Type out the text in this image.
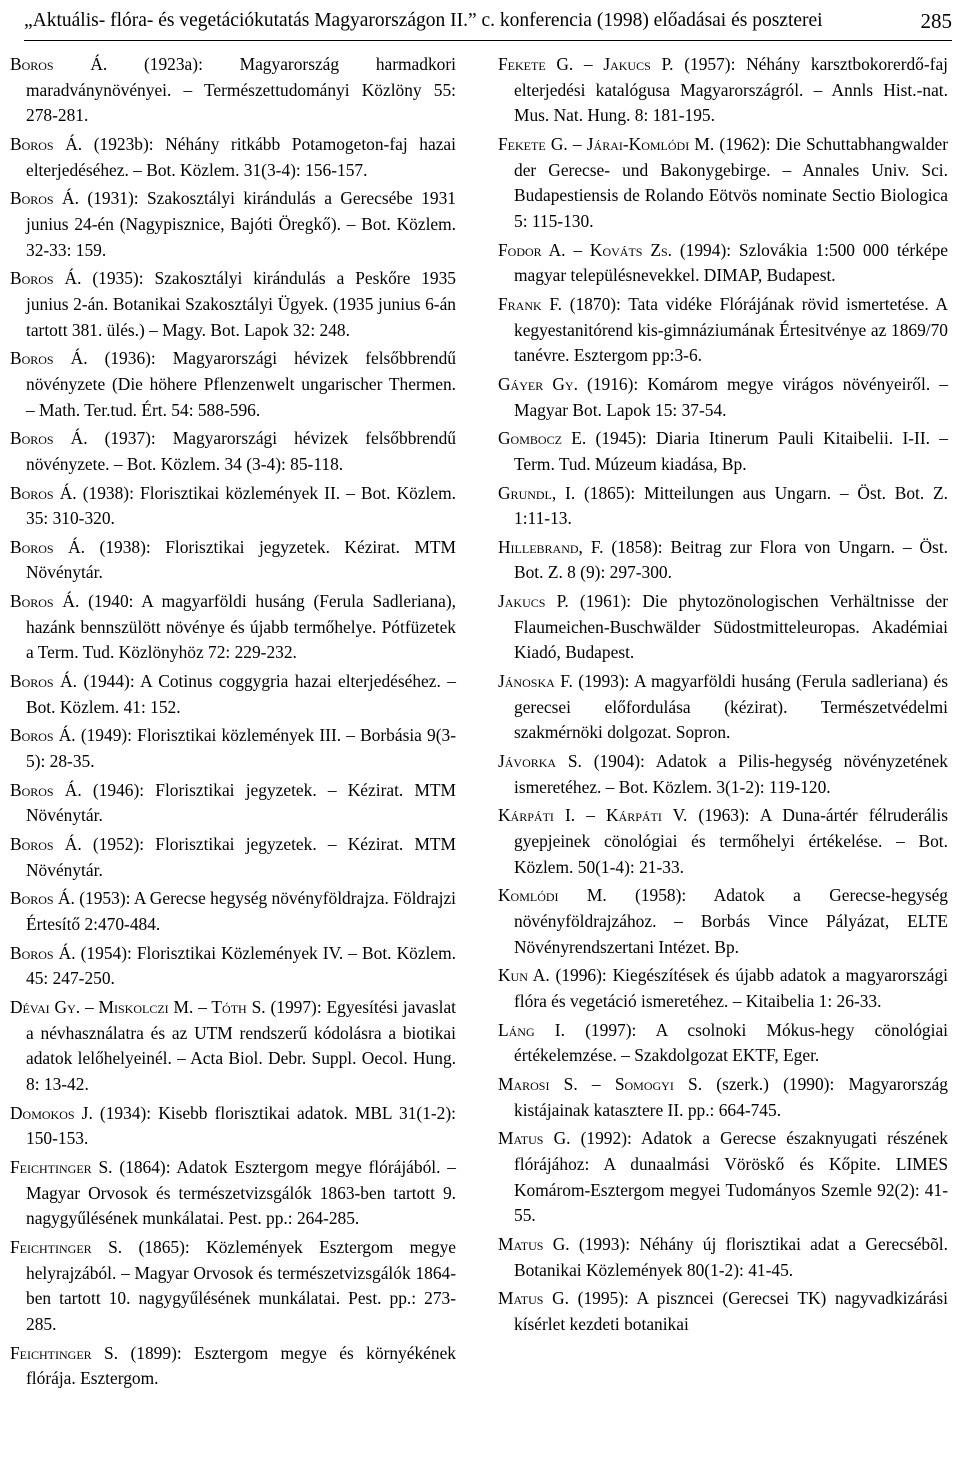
„Aktuális- flóra- és vegetációkutatás Magyarországon II.” c. konferencia (1998) előadásai és poszterei	285
Boros Á. (1923a): Magyarország harmadkori maradványnövényei. – Természettudományi Közlöny 55: 278-281.
Boros Á. (1923b): Néhány ritkább Potamogeton-faj hazai elterjedéséhez. – Bot. Közlem. 31(3-4): 156-157.
Boros Á. (1931): Szakosztályi kirándulás a Gerecsébe 1931 junius 24-én (Nagypisznice, Bajóti Öregkő). – Bot. Közlem. 32-33: 159.
Boros Á. (1935): Szakosztályi kirándulás a Peskőre 1935 junius 2-án. Botanikai Szakosztályi Ügyek. (1935 junius 6-án tartott 381. ülés.) – Magy. Bot. Lapok 32: 248.
Boros Á. (1936): Magyarországi hévizek felsőbbrendű növényzete (Die höhere Pflenzenwelt ungarischer Thermen. – Math. Ter.tud. Ért. 54: 588-596.
Boros Á. (1937): Magyarországi hévizek felsőbbrendű növényzete. – Bot. Közlem. 34 (3-4): 85-118.
Boros Á. (1938): Florisztikai közlemények II. – Bot. Közlem. 35: 310-320.
Boros Á. (1938): Florisztikai jegyzetek. Kézirat. MTM Növénytár.
Boros Á. (1940: A magyarföldi husáng (Ferula Sadleriana), hazánk bennszülött növénye és újabb termőhelye. Pótfüzetek a Term. Tud. Közlönyhöz 72: 229-232.
Boros Á. (1944): A Cotinus coggygria hazai elterjedéséhez. – Bot. Közlem. 41: 152.
Boros Á. (1949): Florisztikai közlemények III. – Borbásia 9(3-5): 28-35.
Boros Á. (1946): Florisztikai jegyzetek. – Kézirat. MTM Növénytár.
Boros Á. (1952): Florisztikai jegyzetek. – Kézirat. MTM Növénytár.
Boros Á. (1953): A Gerecse hegység növényföldrajza. Földrajzi Értesítő 2:470-484.
Boros Á. (1954): Florisztikai Közlemények IV. – Bot. Közlem. 45: 247-250.
Dévai Gy. – Miskolczi M. – Tóth S. (1997): Egyesítési javaslat a névhasználatra és az UTM rendszerű kódolásra a biotikai adatok lelőhelyeinél. – Acta Biol. Debr. Suppl. Oecol. Hung. 8: 13-42.
Domokos J. (1934): Kisebb florisztikai adatok. MBL 31(1-2): 150-153.
Feichtinger S. (1864): Adatok Esztergom megye flórájából. – Magyar Orvosok és természetvizsgálók 1863-ben tartott 9. nagygyűlésének munkálatai. Pest. pp.: 264-285.
Feichtinger S. (1865): Közlemények Esztergom megye helyrajzából. – Magyar Orvosok és természetvizsgálók 1864-ben tartott 10. nagygyűlésének munkálatai. Pest. pp.: 273-285.
Feichtinger S. (1899): Esztergom megye és környékének flórája. Esztergom.
Fekete G. – Jakucs P. (1957): Néhány karsztbokorerdő-faj elterjedési katalógusa Magyarországról. – Annls Hist.-nat. Mus. Nat. Hung. 8: 181-195.
Fekete G. – Járai-Komlódi M. (1962): Die Schuttabhangwalder der Gerecse- und Bakonygebirge. – Annales Univ. Sci. Budapestiensis de Rolando Eötvös nominate Sectio Biologica 5: 115-130.
Fodor A. – Kováts Zs. (1994): Szlovákia 1:500 000 térképe magyar településnevekkel. DIMAP, Budapest.
Frank F. (1870): Tata vidéke Flórájának rövid ismertetése. A kegyestanitórend kis-gimnáziumának Értesitvénye az 1869/70 tanévre. Esztergom pp:3-6.
Gáyer Gy. (1916): Komárom megye virágos növényeiről. – Magyar Bot. Lapok 15: 37-54.
Gombocz E. (1945): Diaria Itinerum Pauli Kitaibelii. I-II. – Term. Tud. Múzeum kiadása, Bp.
Grundl, I. (1865): Mitteilungen aus Ungarn. – Öst. Bot. Z. 1:11-13.
Hillebrand, F. (1858): Beitrag zur Flora von Ungarn. – Öst. Bot. Z. 8 (9): 297-300.
Jakucs P. (1961): Die phytozönologischen Verhältnisse der Flaumeichen-Buschwälder Südostmitteleuropas. Akadémiai Kiadó, Budapest.
Jánoska F. (1993): A magyarföldi husáng (Ferula sadleriana) és gerecsei előfordulása (kézirat). Természetvédelmi szakmérnöki dolgozat. Sopron.
Jávorka S. (1904): Adatok a Pilis-hegység növényzetének ismeretéhez. – Bot. Közlem. 3(1-2): 119-120.
Kárpáti I. – Kárpáti V. (1963): A Duna-ártér félruderális gyepjeinek cönológiai és termőhelyi értékelése. – Bot. Közlem. 50(1-4): 21-33.
Komlódi M. (1958): Adatok a Gerecse-hegység növényföldrajzához. – Borbás Vince Pályázat, ELTE Növényrendszertani Intézet. Bp.
Kun A. (1996): Kiegészítések és újabb adatok a magyarországi flóra és vegetáció ismeretéhez. – Kitaibelia 1: 26-33.
Láng I. (1997): A csolnoki Mókus-hegy cönológiai értékelemzése. – Szakdolgozat EKTF, Eger.
Marosi S. – Somogyi S. (szerk.) (1990): Magyarország kistájainak katasztere II. pp.: 664-745.
Matus G. (1992): Adatok a Gerecse északnyugati részének flórájához: A dunaalmási Vöröskő és Kőpite. LIMES Komárom-Esztergom megyei Tudományos Szemle 92(2): 41-55.
Matus G. (1993): Néhány új florisztikai adat a Gerecsébõl. Botanikai Közlemények 80(1-2): 41-45.
Matus G. (1995): A piszncei (Gerecsei TK) nagyvadkizárási kísérlet kezdeti botanikai
